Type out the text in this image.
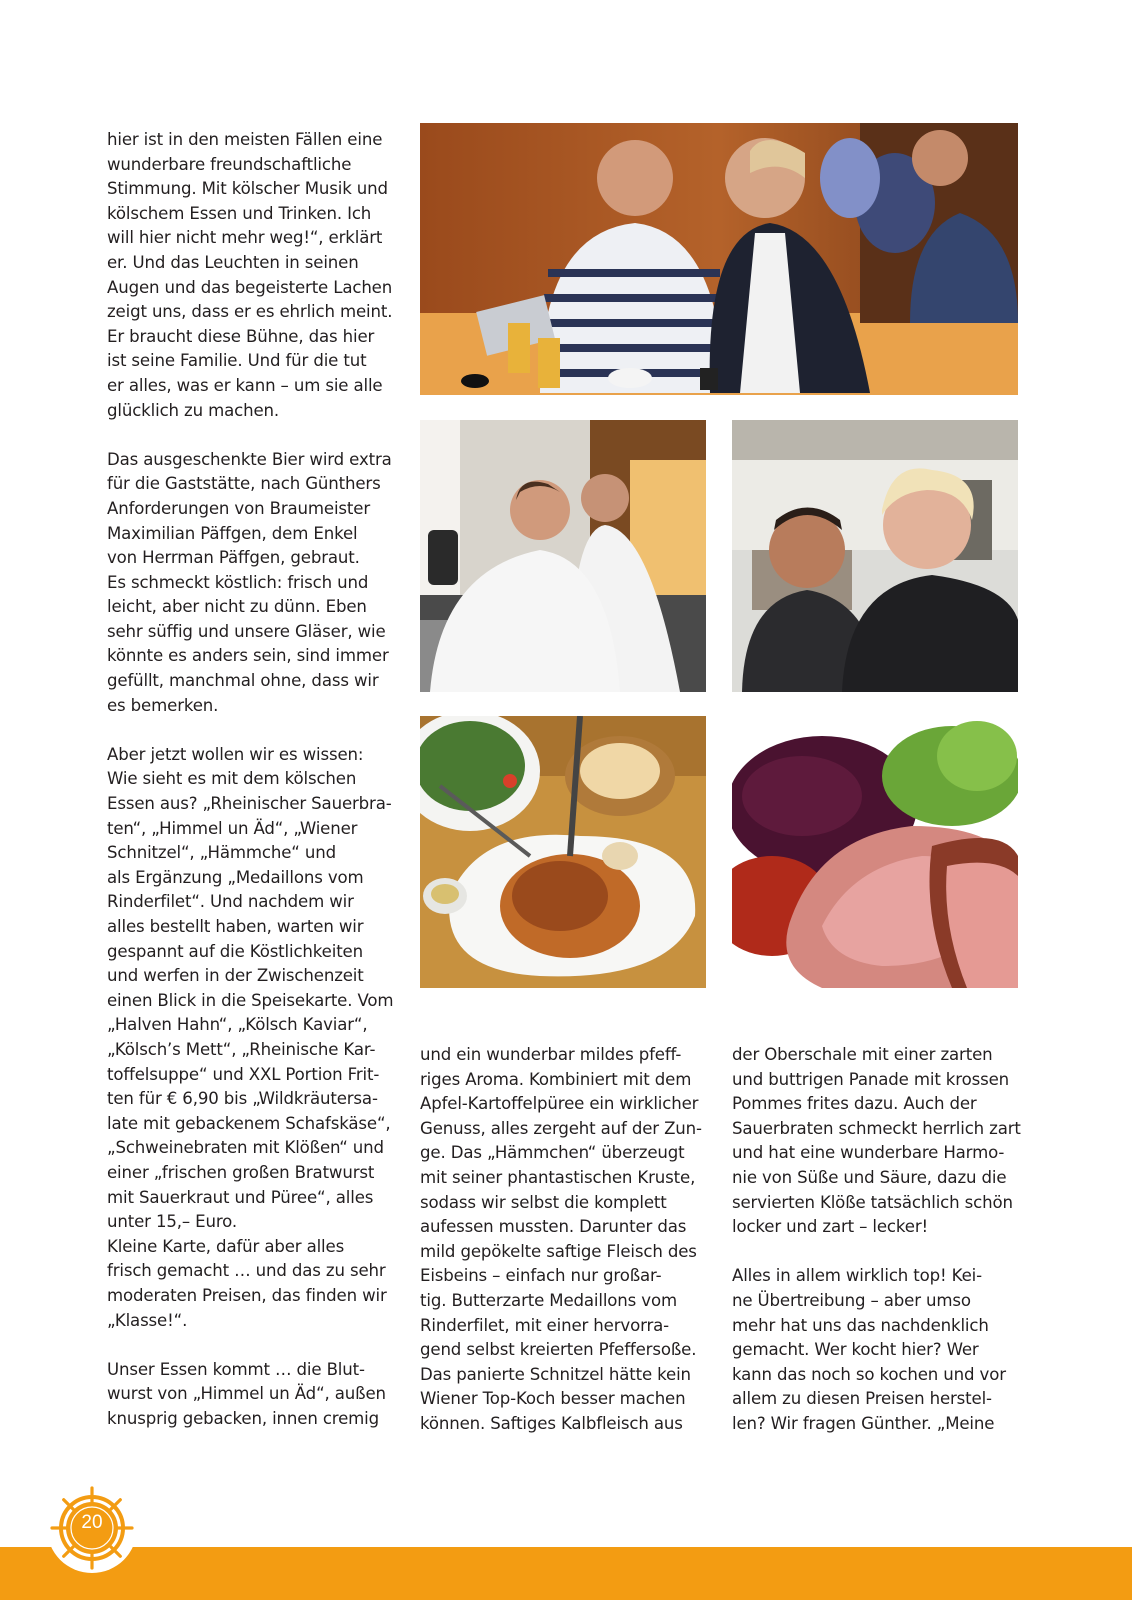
hier ist in den meisten Fällen eine
wunderbare freundschaftliche
Stimmung. Mit kölscher Musik und
kölschem Essen und Trinken. Ich
will hier nicht mehr weg!“, erklärt
er. Und das Leuchten in seinen
Augen und das begeisterte Lachen
zeigt uns, dass er es ehrlich meint.
Er braucht diese Bühne, das hier
ist seine Familie. Und für die tut
er alles, was er kann – um sie alle
glücklich zu machen.

Das ausgeschenkte Bier wird extra
für die Gaststätte, nach Günthers
Anforderungen von Braumeister
Maximilian Päffgen, dem Enkel
von Herrman Päffgen, gebraut.
Es schmeckt köstlich: frisch und
leicht, aber nicht zu dünn. Eben
sehr süffig und unsere Gläser, wie
könnte es anders sein, sind immer
gefüllt, manchmal ohne, dass wir
es bemerken.

Aber jetzt wollen wir es wissen:
Wie sieht es mit dem kölschen
Essen aus? „Rheinischer Sauerbra-
ten“, „Himmel un Äd“, „Wiener
Schnitzel“, „Hämmche“ und
als Ergänzung „Medaillons vom
Rinderfilet“. Und nachdem wir
alles bestellt haben, warten wir
gespannt auf die Köstlichkeiten
und werfen in der Zwischenzeit
einen Blick in die Speisekarte. Vom
„Halven Hahn“, „Kölsch Kaviar“,
„Kölsch’s Mett“, „Rheinische Kar-
toffelsuppe“ und XXL Portion Frit-
ten für € 6,90 bis „Wildkräutersa-
late mit gebackenem Schafskäse“,
„Schweinebraten mit Klößen“ und
einer „frischen großen Bratwurst
mit Sauerkraut und Püree“, alles
unter 15,– Euro.
Kleine Karte, dafür aber alles
frisch gemacht … und das zu sehr
moderaten Preisen, das finden wir
„Klasse!“.

Unser Essen kommt … die Blut-
wurst von „Himmel un Äd“, außen
knusprig gebacken, innen cremig

und ein wunderbar mildes pfeff-
riges Aroma. Kombiniert mit dem
Apfel-Kartoffelpüree ein wirklicher
Genuss, alles zergeht auf der Zun-
ge. Das „Hämmchen“ überzeugt
mit seiner phantastischen Kruste,
sodass wir selbst die komplett
aufessen mussten. Darunter das
mild gepökelte saftige Fleisch des
Eisbeins – einfach nur großar-
tig. Butterzarte Medaillons vom
Rinderfilet, mit einer hervorra-
gend selbst kreierten Pfeffersoße.
Das panierte Schnitzel hätte kein
Wiener Top-Koch besser machen
können. Saftiges Kalbfleisch aus

der Oberschale mit einer zarten
und buttrigen Panade mit krossen
Pommes frites dazu. Auch der
Sauerbraten schmeckt herrlich zart
und hat eine wunderbare Harmo-
nie von Süße und Säure, dazu die
servierten Klöße tatsächlich schön
locker und zart – lecker!

Alles in allem wirklich top! Kei-
ne Übertreibung – aber umso
mehr hat uns das nachdenklich
gemacht. Wer kocht hier? Wer
kann das noch so kochen und vor
allem zu diesen Preisen herstel-
len? Wir fragen Günther. „Meine

20
